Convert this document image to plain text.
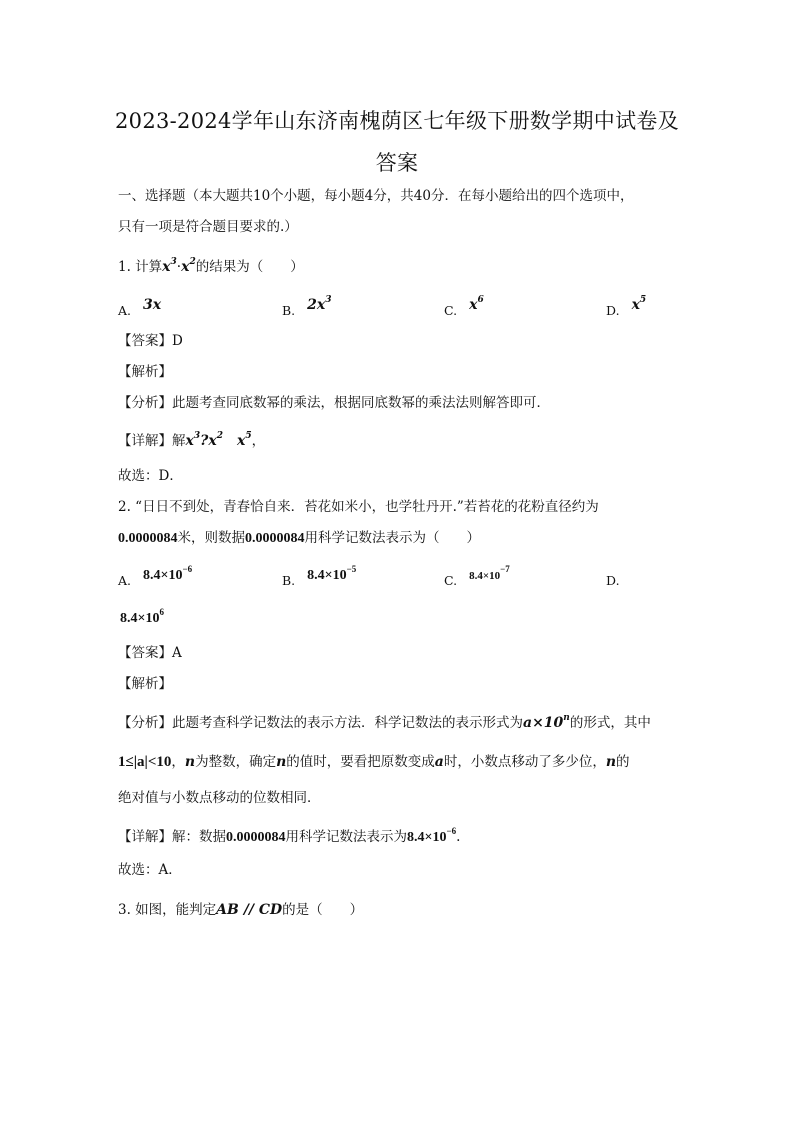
2023-2024学年山东济南槐荫区七年级下册数学期中试卷及
答案
一、选择题（本大题共10个小题，每小题4分，共40分．在每小题给出的四个选项中，
只有一项是符合题目要求的.）
1. 计算$x^3\cdot x^2$的结果为（　　）
A. 3x	B. $2x^3$
C. $x^6$
D. $x^5$
【答案】D
【解析】
【分析】此题考查同底数幂的乘法，根据同底数幂的乘法法则解答即可．
【详解】解$x^3?x^2$  $x^5$，
故选：D．
2. “日日不到处，青春恰自来．苔花如米小，也学牡丹开.”若苔花的花粉直径约为
0.0000084米，则数据0.0000084用科学记数法表示为（　　）
A. $8.4\times 10^{-6}$
B. $8.4\times 10^{-5}$
C. $8.4\times 10^{-7}$
D.
$8.4\times 10^6$
【答案】A
【解析】
【分析】此题考查科学记数法的表示方法．科学记数法的表示形式为$a\times 10^n$的形式，其中
1≤|a|<10，n为整数，确定n的值时，要看把原数变成a时，小数点移动了多少位，n的
绝对值与小数点移动的位数相同．
【详解】解：数据0.0000084用科学记数法表示为$8.4\times 10^{-6}$.
故选：A．
3. 如图，能判定AB // CD的是（　　）
